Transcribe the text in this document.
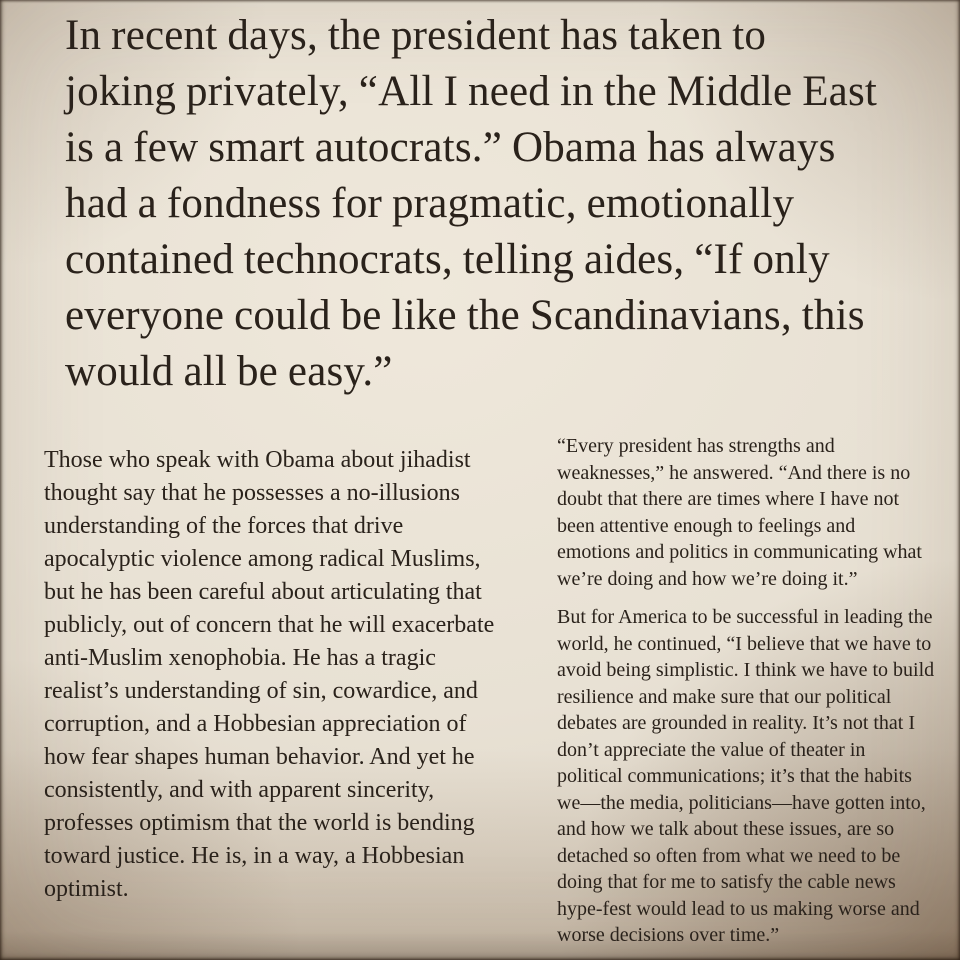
In recent days, the president has taken to
joking privately, “All I need in the Middle East
is a few smart autocrats.” Obama has always
had a fondness for pragmatic, emotionally
contained technocrats, telling aides, “If only
everyone could be like the Scandinavians, this
would all be easy.”
Those who speak with Obama about jihadist
thought say that he possesses a no-illusions
understanding of the forces that drive
apocalyptic violence among radical Muslims,
but he has been careful about articulating that
publicly, out of concern that he will exacerbate
anti-Muslim xenophobia. He has a tragic
realist’s understanding of sin, cowardice, and
corruption, and a Hobbesian appreciation of
how fear shapes human behavior. And yet he
consistently, and with apparent sincerity,
professes optimism that the world is bending
toward justice. He is, in a way, a Hobbesian
optimist.
“Every president has strengths and
weaknesses,” he answered. “And there is no
doubt that there are times where I have not
been attentive enough to feelings and
emotions and politics in communicating what
we’re doing and how we’re doing it.”
But for America to be successful in leading the
world, he continued, “I believe that we have to
avoid being simplistic. I think we have to build
resilience and make sure that our political
debates are grounded in reality. It’s not that I
don’t appreciate the value of theater in
political communications; it’s that the habits
we—the media, politicians—have gotten into,
and how we talk about these issues, are so
detached so often from what we need to be
doing that for me to satisfy the cable news
hype-fest would lead to us making worse and
worse decisions over time.”
